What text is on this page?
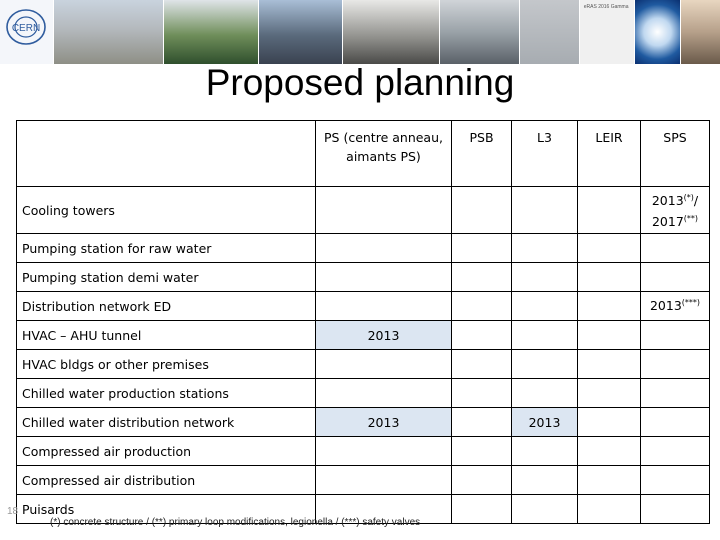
CERN
eRAS 2016 Gamma
Proposed planning
	PS (centre anneau, aimants PS)	PSB	L3	LEIR	SPS
Cooling towers					2013(*)/
2017(**)
Pumping station for raw water					
Pumping station demi water					
Distribution network ED					2013(***)
HVAC – AHU tunnel	2013				
HVAC bldgs or other premises					
Chilled water production stations					
Chilled water distribution network	2013		2013		
Compressed air production					
Compressed air distribution					
Puisards					
18
(*) concrete structure / (**) primary loop modifications, legionella / (***) safety valves
